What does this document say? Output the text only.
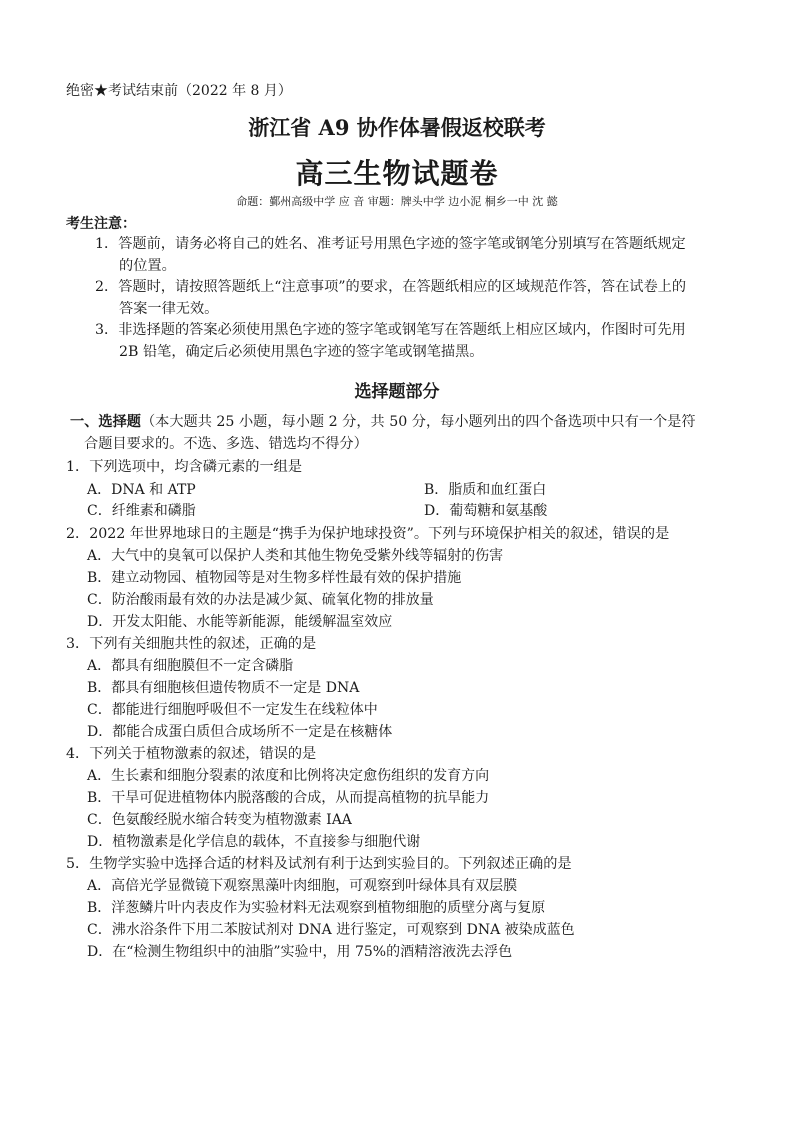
绝密★考试结束前（2022 年 8 月）
浙江省 A9 协作体暑假返校联考
高三生物试题卷
命题：鄞州高级中学 应 音 审题：牌头中学 边小泥 桐乡一中 沈 懿
考生注意：
1．答题前，请务必将自己的姓名、准考证号用黑色字迹的签字笔或钢笔分别填写在答题纸规定
的位置。
2．答题时，请按照答题纸上“注意事项”的要求，在答题纸相应的区域规范作答，答在试卷上的
答案一律无效。
3．非选择题的答案必须使用黑色字迹的签字笔或钢笔写在答题纸上相应区域内，作图时可先用
2B 铅笔，确定后必须使用黑色字迹的签字笔或钢笔描黑。
选择题部分
一、选择题（本大题共 25 小题，每小题 2 分，共 50 分，每小题列出的四个备选项中只有一个是符
合题目要求的。不选、多选、错选均不得分）
1．下列选项中，均含磷元素的一组是
A．DNA 和 ATP	B．脂质和血红蛋白
C．纤维素和磷脂	D．葡萄糖和氨基酸
2．2022 年世界地球日的主题是“携手为保护地球投资”。下列与环境保护相关的叙述，错误的是
A．大气中的臭氧可以保护人类和其他生物免受紫外线等辐射的伤害
B．建立动物园、植物园等是对生物多样性最有效的保护措施
C．防治酸雨最有效的办法是减少氮、硫氧化物的排放量
D．开发太阳能、水能等新能源，能缓解温室效应
3．下列有关细胞共性的叙述，正确的是
A．都具有细胞膜但不一定含磷脂
B．都具有细胞核但遗传物质不一定是 DNA
C．都能进行细胞呼吸但不一定发生在线粒体中
D．都能合成蛋白质但合成场所不一定是在核糖体
4．下列关于植物激素的叙述，错误的是
A．生长素和细胞分裂素的浓度和比例将决定愈伤组织的发育方向
B．干旱可促进植物体内脱落酸的合成，从而提高植物的抗旱能力
C．色氨酸经脱水缩合转变为植物激素 IAA
D．植物激素是化学信息的载体，不直接参与细胞代谢
5．生物学实验中选择合适的材料及试剂有利于达到实验目的。下列叙述正确的是
A．高倍光学显微镜下观察黑藻叶肉细胞，可观察到叶绿体具有双层膜
B．洋葱鳞片叶内表皮作为实验材料无法观察到植物细胞的质壁分离与复原
C．沸水浴条件下用二苯胺试剂对 DNA 进行鉴定，可观察到 DNA 被染成蓝色
D．在“检测生物组织中的油脂”实验中，用 75%的酒精溶液洗去浮色
